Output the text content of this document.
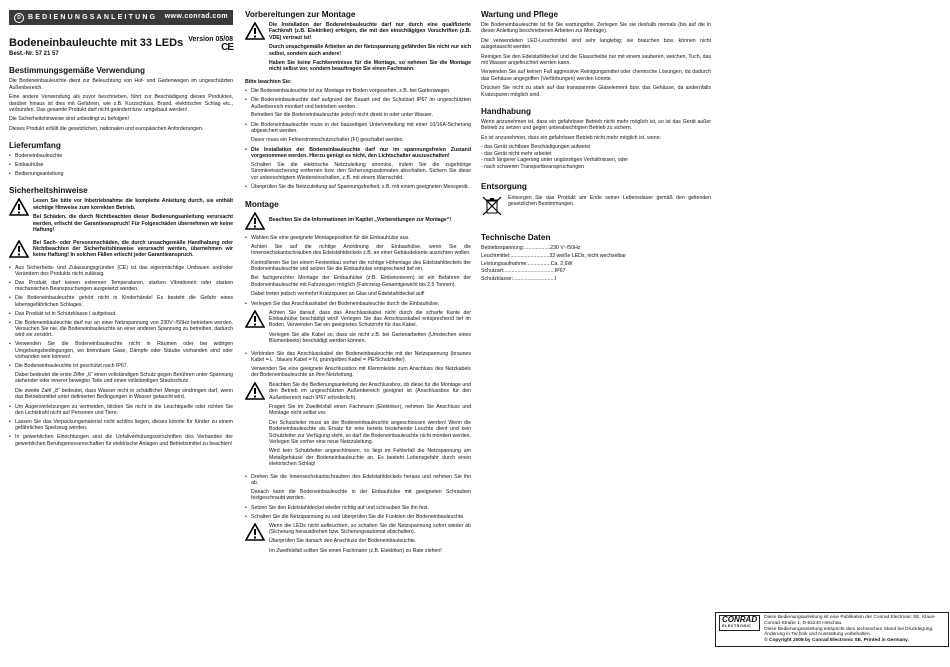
D BEDIENUNGSANLEITUNG www.conrad.com
Bodeneinbauleuchte mit 33 LEDs
Best.-Nr. 57 21 57
Version 05/08
CE
Bestimmungsgemäße Verwendung

Die Bodeneinbauleuchte dient zur Beleuchtung von Hof- und Gartenwegen im ungeschützten Außenbereich.

Eine andere Verwendung als zuvor beschrieben, führt zur Beschädigung dieses Produktes, darüber hinaus ist dies mit Gefahren, wie z.B. Kurzschluss, Brand, elektrischer Schlag etc., verbunden. Das gesamte Produkt darf nicht geändert bzw. umgebaut werden!

Die Sicherheitshinweise sind unbedingt zu befolgen!

Dieses Produkt erfüllt die gesetzlichen, nationalen und europäischen Anforderungen.

Lieferumfang
• Bodeneinbauleuchte
• Einbauhülse
• Bedienungsanleitung
Sicherheitshinweise

Lesen Sie bitte vor Inbetriebnahme die komplette Anleitung durch, sie enthält wichtige Hinweise zum korrekten Betrieb.

Bei Schäden, die durch Nichtbeachten dieser Bedienungsanleitung verursacht werden, erlischt der Garantieanspruch! Für Folgeschäden übernehmen wir keine Haftung!

Bei Sach- oder Personenschäden, die durch unsachgemäße Handhabung oder Nichtbeachten der Sicherheitshinweise verursacht werden, übernehmen wir keine Haftung! In solchen Fällen erlischt jeder Garantieanspruch.

• Aus Sicherheits- und Zulassungsgründen (CE) ist das eigenmächtige Umbauen und/oder Verändern des Produkts nicht zulässig.
• Das Produkt darf keinen extremen Temperaturen, starken Vibrationen oder starken mechanischen Beanspruchungen ausgesetzt werden.
• Die Bodeneinbauleuchte gehört nicht in Kinderhände! Es besteht die Gefahr eines lebensgefährlichen Schlages.
• Das Produkt ist in Schutzklasse I aufgebaut.
• Die Bodeneinbauleuchte darf nur an einer Netzspannung von 230V~/50Hz betrieben werden. Versuchen Sie nie, die Bodeneinbauleuchte an einer anderen Spannung zu betreiben, dadurch wird sie zerstört.
• Verwenden Sie die Bodeneinbauleuchte nicht in Räumen oder bei widrigen Umgebungsbedingungen, wo brennbare Gase, Dämpfe oder Stäube vorhanden sind oder vorhanden sein können!
• Die Bodeneinbauleuchte ist geschützt nach IP67.

Dabei bedeutet die erste Ziffer „6“ einen vollständigen Schutz gegen Berühren unter Spannung stehender oder innerer bewegter Teile und einen vollständigen Staubschutz.

Die zweite Zahl „8“ bedeutet, dass Wasser nicht in schädlicher Menge eindringen darf, wenn das Betriebsmittel unter definierten Bedingungen in Wasser getaucht wird.

• Um Augenverletzungen zu vermeiden, blicken Sie nicht in die Leuchtquelle oder richten Sie den Lichtstrahl nicht auf Personen und Tiere.
• Lassen Sie das Verpackungsmaterial nicht achtlos liegen, dieses könnte für Kinder zu einem gefährlichen Spielzeug werden.
• In gewerblichen Einrichtungen sind die Unfallverhütungsvorschriften des Verbandes der gewerblichen Berufsgenossenschaften für elektrische Anlagen und Betriebsmittel zu beachten!
Vorbereitungen zur Montage

Die Installation der Bodeneinbauleuchte darf nur durch eine qualifizierte Fachkraft (z.B. Elektriker) erfolgen, die mit den einschlägigen Vorschriften (z.B. VDE) vertraut ist!

Durch unsachgemäße Arbeiten an der Netzspannung gefährden Sie nicht nur sich selbst, sondern auch andere!

Haben Sie keine Fachkenntnisse für die Montage, so nehmen Sie die Montage nicht selbst vor, sondern beauftragen Sie einen Fachmann.

Bitte beachten Sie:

• Die Bodeneinbauleuchte ist zur Montage im Boden vorgesehen, z.B. bei Gartenwegen.
• Die Bodeneinbauleuchte darf aufgrund der Bauart und der Schutzart IP67 im ungeschützten Außenbereich montiert und betrieben werden.

Betreiben Sie die Bodeneinbauleuchte jedoch nicht direkt in oder unter Wasser.

• Die Bodeneinbauleuchte muss in der bauseitigen Unterverteilung mit einer 10/16A-Sicherung abgesichert werden.

Davor muss ein Fehlerstromschutzschalter (FI) geschaltet werden.

• Die Installation der Bodeneinbauleuchte darf nur im spannungsfreien Zustand vorgenommen werden. Hierzu genügt es nicht, den Lichtschalter auszuschalten!

Schalten Sie die elektrische Netzzuleitung stromlos, indem Sie die zugehörige Stromkreissicherung entfernen bzw. den Sicherungsautomaten abschalten. Sichern Sie diese vor unberechtigtem Wiedereinschalten, z.B. mit einem Warnschild.

• Überprüfen Sie die Netzzuleitung auf Spannungsfreiheit, z.B. mit einem geeigneten Messgerät.
Montage

Beachten Sie die Informationen im Kapitel „Vorbereitungen zur Montage“!

• Wählen Sie eine geeignete Montageposition für die Einbauhülse aus.

Achten Sie auf die richtige Anordnung der Einbauhülse, wenn Sie die Innensechskantschrauben des Edelstahldeckels z.B. an einer Gebäudekante ausrichten wollen.

Kontrollieren Sie bei einem Festeinbau vorher die richtige Höhenlage des Edelstahldeckels der Bodeneinbauleuchte und setzen Sie die Einbauhülse entsprechend tief ein.

Bei fachgerechter Montage der Einbauhülse (z.B. Einbetonieren) ist ein Befahren der Bodeneinbauleuchte mit Fahrzeugen möglich (Fahrzeug-Gesamtgewicht bis 2,5 Tonnen).

Dabei treten jedoch vermehrt Kratzspuren an Glas und Edelstahldeckel auf!

• Verlegen Sie das Anschlusskabel der Bodeneinbauleuchte durch die Einbauhülse.

Achten Sie darauf, dass das Anschlusskabel nicht durch die scharfe Kante der Einbauhülse beschädigt wird! Verlegen Sie das Anschlusskabel entsprechend tief im Boden. Verwenden Sie ein geeignetes Schutzrohr für das Kabel.

Verlegen Sie alle Kabel so, dass sie nicht z.B. bei Gartenarbeiten (Umstechen eines Blumenbeets) beschädigt werden können.

• Verbinden Sie das Anschlusskabel der Bodeneinbauleuchte mit der Netzspannung (braunes Kabel = L , blaues Kabel = N, grün/gelbes Kabel = PE/Schutzleiter).

Verwenden Sie eine geeignete Anschlussbox mit Klemmleiste zum Anschluss des Netzkabels der Bodeneinbauleuchte an Ihre Netzleitung.

Beachten Sie die Bedienungsanleitung der Anschlussbox, ob diese für die Montage und den Betrieb im ungeschützten Außenbereich geeignet ist (Anschlussbox für den Außenbereich nach IP67 erforderlich).

Fragen Sie im Zweifelsfall einen Fachmann (Elektriker), nehmen Sie Anschluss und Montage nicht selbst vor.

Der Schutzleiter muss an der Bodeneinbauleuchte angeschlossen werden! Wenn die Bodeneinbauleuchte als Ersatz für eine bereits bestehende Leuchte dient und kein Schutzleiter zur Verfügung steht, so darf die Bodeneinbauleuchte nicht montiert werden. Verlegen Sie vorher eine neue Netzzuleitung.

Wird kein Schutzleiter angeschlossen, so liegt im Fehlerfall die Netzspannung am Metallgehäuse der Bodeneinbauleuchte an. Es besteht Lebensgefahr durch einen elektrischen Schlag!

• Drehen Sie die Innensechskantschrauben des Edelstahldeckels heraus und nehmen Sie ihn ab.

Danach kann die Bodeneinbauleuchte in der Einbauhülse mit geeigneten Schrauben festgeschraubt werden.

• Setzen Sie den Edelstahldeckel wieder richtig auf und schrauben Sie ihn fest.
• Schalten Sie die Netzspannung zu und überprüfen Sie die Funktion der Bodeneinbauleuchte.

Wenn die LEDs nicht aufleuchten, so schalten Sie die Netzspannung sofort wieder ab (Sicherung herausdrehen bzw. Sicherungsautomat abschalten).

Überprüfen Sie danach den Anschluss der Bodeneinbauleuchte.

Im Zweifelsfall sollten Sie einen Fachmann (z.B. Elektriker) zu Rate ziehen!

Wartung und Pflege

Die Bodeneinbauleuchte ist für Sie wartungsfrei. Zerlegen Sie sie deshalb niemals (bis auf die in dieser Anleitung beschriebenen Arbeiten zur Montage).

Die verwendeten LED-Leuchtmittel sind sehr langlebig; sie brauchen bzw. können nicht ausgetauscht werden.

Reinigen Sie den Edelstahldeckel und die Glasscheibe nur mit einem sauberen, weichen, Tuch, das mit Wasser angefeuchtet werden kann.

Verwenden Sie auf keinen Fall aggressive Reinigungsmittel oder chemische Lösungen, da dadurch das Gehäuse angegriffen (Verfärbungen) werden könnte.

Drücken Sie nicht zu stark auf das transparente Glaselement bzw. das Gehäuse, da andernfalls Kratzspuren möglich sind.

Handhabung

Wenn anzunehmen ist, dass ein gefahrloser Betrieb nicht mehr möglich ist, so ist das Gerät außer Betrieb zu setzen und gegen unbeabsichtigten Betrieb zu sichern.

Es ist anzunehmen, dass ein gefahrloser Betrieb nicht mehr möglich ist, wenn:

- das Gerät sichtbare Beschädigungen aufweist
- das Gerät nicht mehr arbeitet
- nach längerer Lagerung unter ungünstigen Verhältnissen, oder
- nach schweren Transportbeanspruchungen
Entsorgung

Entsorgen Sie das Produkt am Ende seiner Lebensdauer gemäß den geltenden gesetzlichen Bestimmungen.

Technische Daten
Betriebsspannung: .................. 230 V~/50Hz
Leuchtmittel: ........................... 33 weiße LEDs, nicht wechselbar
Leistungsaufnahme: ................ Ca. 2,6W
Schutzart: ................................... IP67
Schutzklasse: ............................. I
CONRAD
ELECTRONIC
Diese Bedienungsanleitung ist eine Publikation der Conrad Electronic SE, Klaus-Conrad-Straße 1, D-92240 Hirschau.
Diese Bedienungsanleitung entspricht dem technischen Stand bei Drucklegung. Änderung in Technik und Ausstattung vorbehalten.
© Copyright 2008 by Conrad Electronic SE. Printed in Germany.
